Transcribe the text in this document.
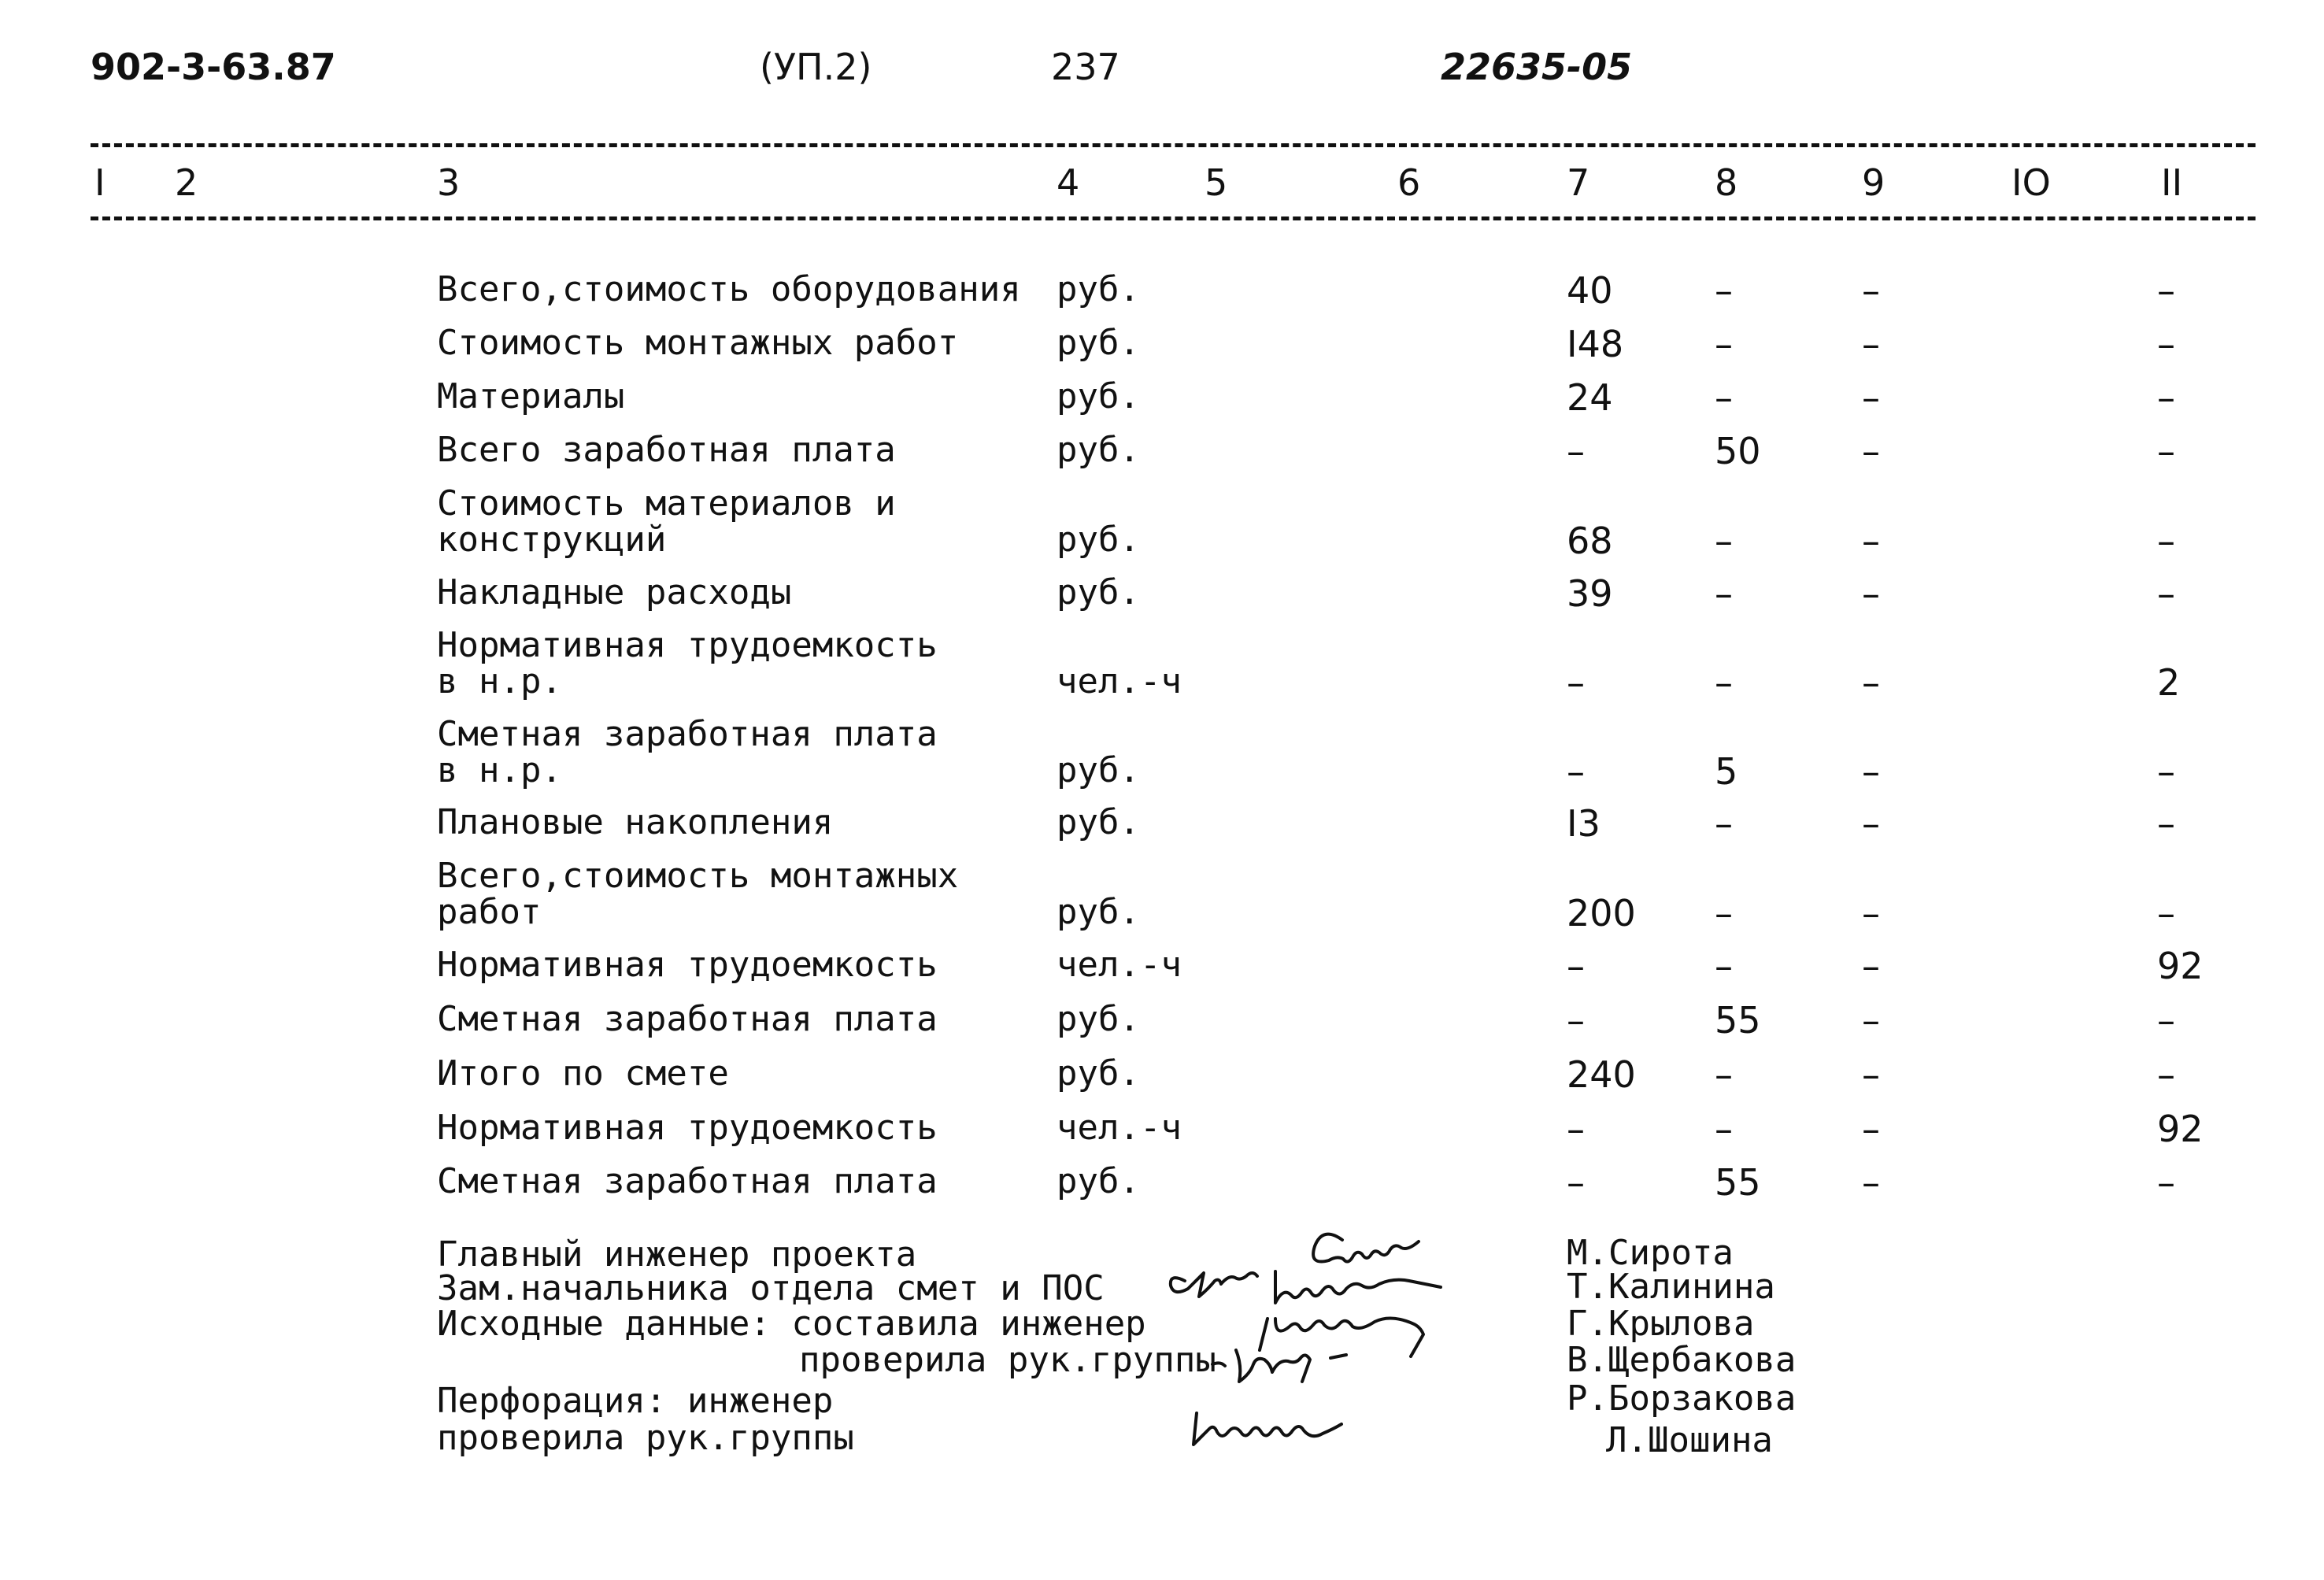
902-3-63.87	(УП.2)	237	22635-05
I 2	3	4	5	6	7	8	9	IO	II
Всего,стоимость оборудования руб.	40	–	–	–
Стоимость монтажных работ	руб.	I48	–	–	–
Материалы	руб.	24	–	–	–
Всего заработная плата	руб.	–	50	–	–
Стоимость материалов и
конструкций	руб.	68	–	–	–
Накладные расходы	руб.	39	–	–	–
Нормативная трудоемкость
в н.р.	чел.-ч	–	–	–	2
Сметная заработная плата
в н.р.	руб.	–	5	–	–
Плановые накопления	руб.	I3	–	–	–
Всего,стоимость монтажных
работ	руб.	200 –	–	–
Нормативная трудоемкость	чел.-ч	–	–	–	92
Сметная заработная плата	руб.	–	55	–	–
Итого по смете	руб.	240 –	–	–
Нормативная трудоемкость	чел.-ч	–	–	–	92
Сметная заработная плата	руб.	–	55	–	–
Главный инженер проекта
Зам.начальника отдела смет и ПОС
Исходные данные: составила инженер
проверила рук.группы
Перфорация: инженер
проверила рук.группы
М.Сирота
Т.Калинина
Г.Крылова
В.Щербакова
Р.Борзакова
Л.Шошина
